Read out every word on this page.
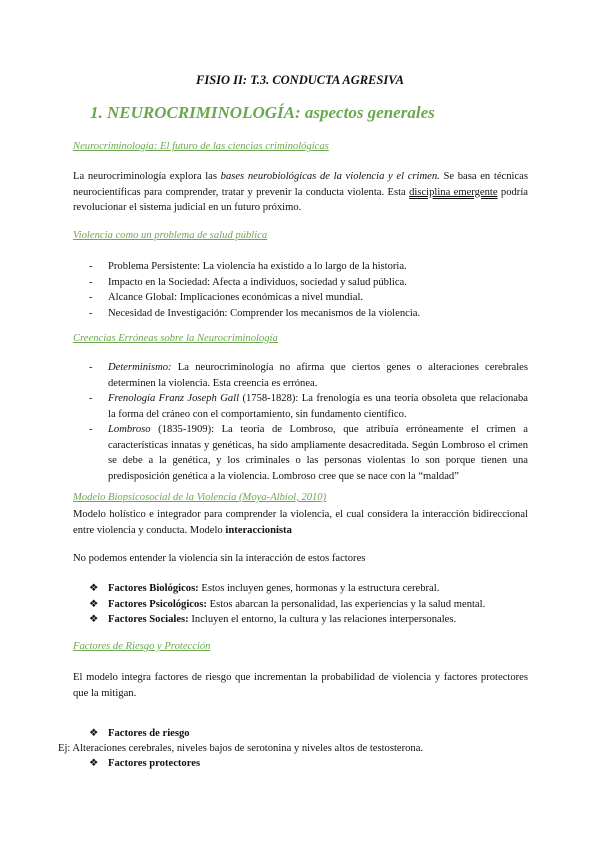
FISIO II: T.3. CONDUCTA AGRESIVA
1. NEUROCRIMINOLOGÍA: aspectos generales

Neurocriminología: El futuro de las ciencias criminológicas

La neurocriminología explora las bases neurobiológicas de la violencia y el crimen. Se basa en técnicas neurocientíficas para comprender, tratar y prevenir la conducta violenta. Esta disciplina emergente podría revolucionar el sistema judicial en un futuro próximo.

Violencia como un problema de salud pública

- Problema Persistente: La violencia ha existido a lo largo de la historia.
- Impacto en la Sociedad: Afecta a individuos, sociedad y salud pública.
- Alcance Global: Implicaciones económicas a nivel mundial.
- Necesidad de Investigación: Comprender los mecanismos de la violencia.

Creencias Erróneas sobre la Neurocriminología

- Determinismo: La neurocriminología no afirma que ciertos genes o alteraciones cerebrales determinen la violencia. Esta creencia es errónea.
- Frenología Franz Joseph Gall (1758-1828): La frenología es una teoría obsoleta que relacionaba la forma del cráneo con el comportamiento, sin fundamento científico.
- Lombroso (1835-1909): La teoría de Lombroso, que atribuía erróneamente el crimen a características innatas y genéticas, ha sido ampliamente desacreditada. Según Lombroso el crimen se debe a la genética, y los criminales o las personas violentas lo son porque tienen una predisposición genética a la violencia. Lombroso cree que se nace con la “maldad”

Modelo Biopsicosocial de la Violencia (Moya-Albiol, 2010)

Modelo holístico e integrador para comprender la violencia, el cual considera la interacción bidireccional entre violencia y conducta. Modelo interaccionista

No podemos entender la violencia sin la interacción de estos factores

❖ Factores Biológicos: Estos incluyen genes, hormonas y la estructura cerebral.
❖ Factores Psicológicos: Estos abarcan la personalidad, las experiencias y la salud mental.
❖ Factores Sociales: Incluyen el entorno, la cultura y las relaciones interpersonales.

Factores de Riesgo y Protección

El modelo integra factores de riesgo que incrementan la probabilidad de violencia y factores protectores que la mitigan.

❖ Factores de riesgo

Ej: Alteraciones cerebrales, niveles bajos de serotonina y niveles altos de testosterona.

❖ Factores protectores
